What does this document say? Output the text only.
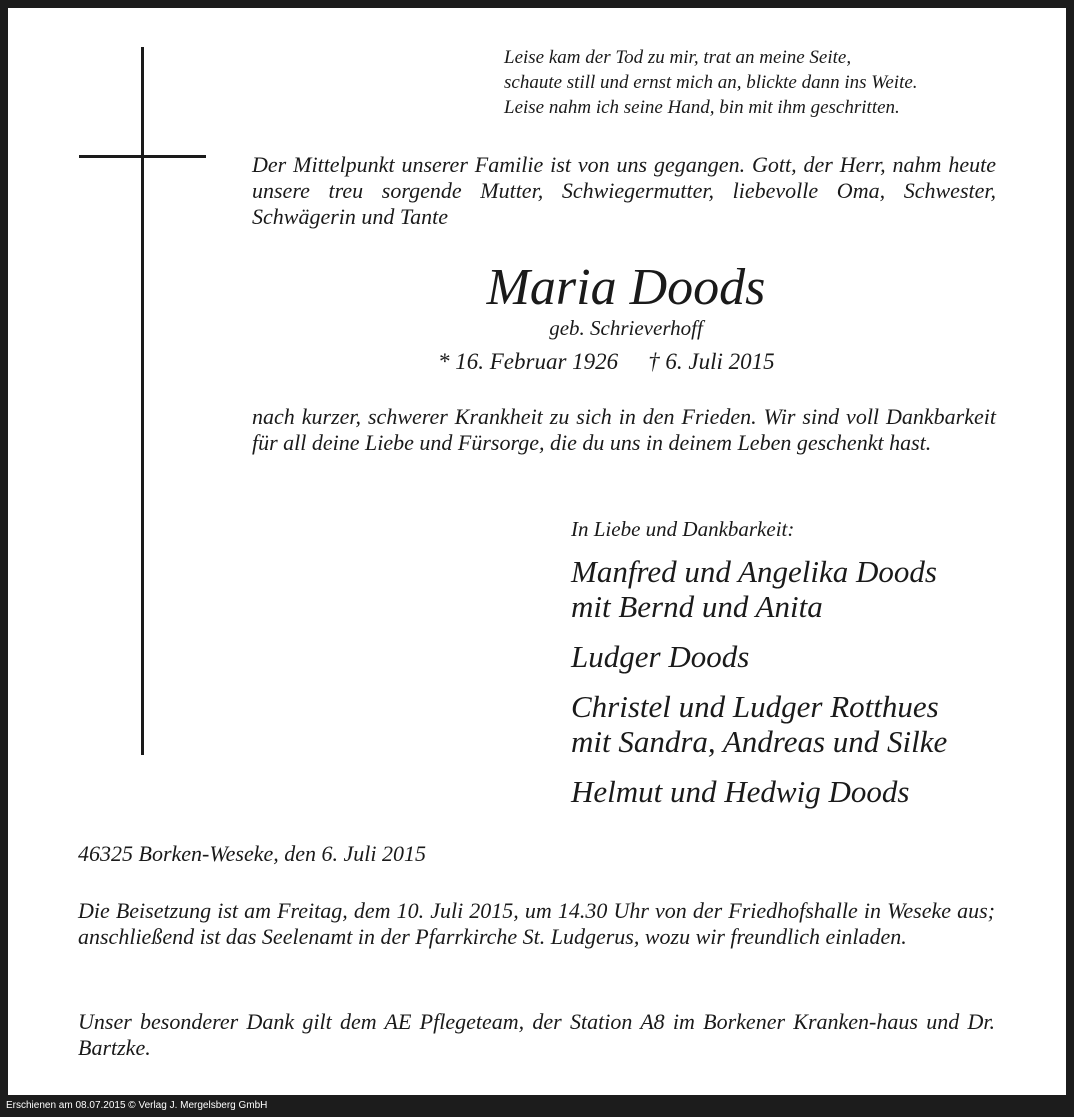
Leise kam der Tod zu mir, trat an meine Seite,
schaute still und ernst mich an, blickte dann ins Weite.
Leise nahm ich seine Hand, bin mit ihm geschritten.

Der Mittelpunkt unserer Familie ist von uns gegangen. Gott, der Herr, nahm heute unsere treu sorgende Mutter, Schwiegermutter, liebevolle Oma, Schwester, Schwägerin und Tante

Maria Doods
geb. Schrieverhoff
* 16. Februar 1926 † 6. Juli 2015

nach kurzer, schwerer Krankheit zu sich in den Frieden. Wir sind voll Dankbarkeit für all deine Liebe und Fürsorge, die du uns in deinem Leben geschenkt hast.

In Liebe und Dankbarkeit:
Manfred und Angelika Doods
mit Bernd und Anita
Ludger Doods
Christel und Ludger Rotthues
mit Sandra, Andreas und Silke
Helmut und Hedwig Doods
46325 Borken-Weseke, den 6. Juli 2015

Die Beisetzung ist am Freitag, dem 10. Juli 2015, um 14.30 Uhr von der Friedhofshalle in Weseke aus; anschließend ist das Seelenamt in der Pfarrkirche St. Ludgerus, wozu wir freundlich einladen.

Unser besonderer Dank gilt dem AE Pflegeteam, der Station A8 im Borkener Kranken-haus und Dr. Bartzke.

Erschienen am 08.07.2015 © Verlag J. Mergelsberg GmbH
